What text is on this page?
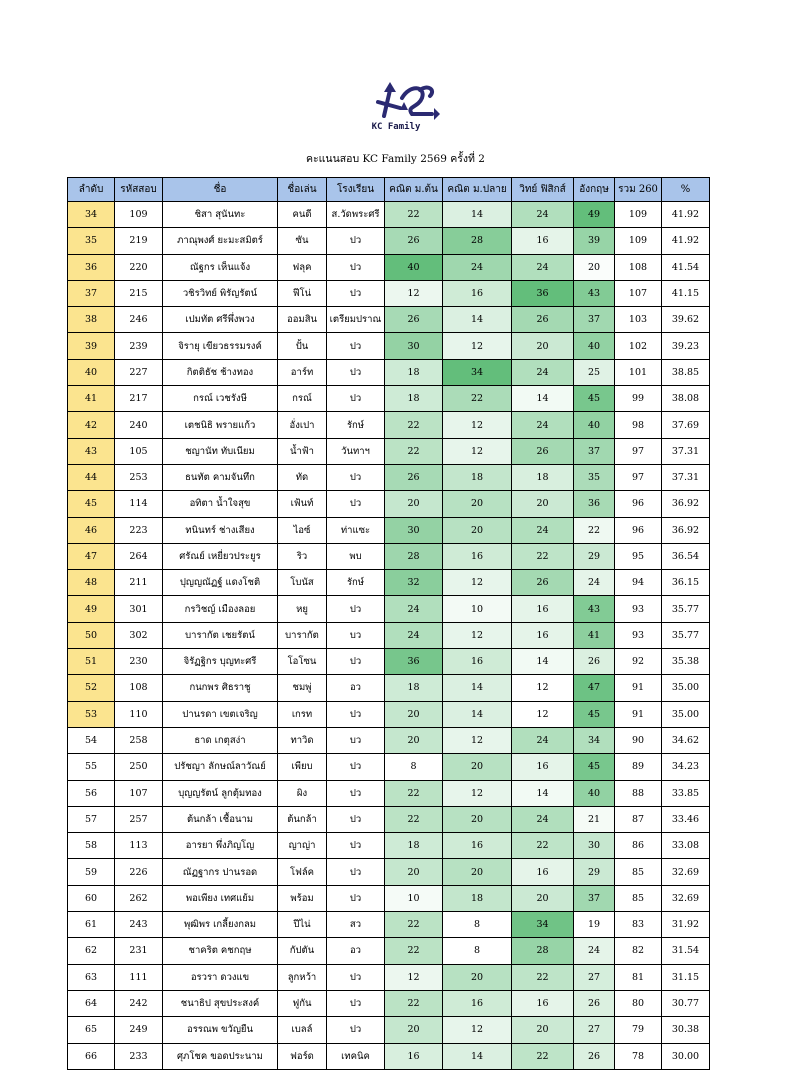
KC Family
คะแนนสอบ KC Family 2569 ครั้งที่ 2
ลำดับ	รหัสสอบ	ชื่อ	ชื่อเล่น	โรงเรียน	คณิต ม.ต้น	คณิต ม.ปลาย	วิทย์ ฟิสิกส์	อังกฤษ	รวม 260	%
34	109	ชิสา สุนันทะ	คนดี	ส.วัดพระศรี	22	14	24	49	109	41.92
35	219	ภาณุพงศ์ ยะมะสมิตร์	ซัน	ปว	26	28	16	39	109	41.92
36	220	ณัฐกร เห็นแจ้ง	ฟลุค	ปว	40	24	24	20	108	41.54
37	215	วชิรวิทย์ พิรัญรัตน์	ฟีโน่	ปว	12	16	36	43	107	41.15
38	246	เปมทัต ศรีพึ่งพวง	ออมสิน	เตรียมปราณ	26	14	26	37	103	39.62
39	239	จิรายุ เขียวธรรมรงค์	ปั้น	ปว	30	12	20	40	102	39.23
40	227	กิตติธัช ช้างทอง	อาร์ท	ปว	18	34	24	25	101	38.85
41	217	กรณ์ เวชรังษี	กรณ์	ปว	18	22	14	45	99	38.08
42	240	เตชนิธิ พรายแก้ว	อั่งเปา	รักษ์	22	12	24	40	98	37.69
43	105	ชญานัท ทับเนียม	น้ำฟ้า	วันทาฯ	22	12	26	37	97	37.31
44	253	ธนทัต คามจันทึก	ทัด	ปว	26	18	18	35	97	37.31
45	114	อทิตา น้ำใจสุข	เฟ้นท์	ปว	20	20	20	36	96	36.92
46	223	ทนินทร์ ช่างเสียง	ไอซ์	ท่าแซะ	30	20	24	22	96	36.92
47	264	ศรัณย์ เหยี่ยวประยูร	ริว	พบ	28	16	22	29	95	36.54
48	211	ปุญญณัฏฐ์ แดงโชติ	โบนัส	รักษ์	32	12	26	24	94	36.15
49	301	กรวิชญ์ เมืองลอย	หยู	ปว	24	10	16	43	93	35.77
50	302	บารากัต เชยรัตน์	บารากัต	บว	24	12	16	41	93	35.77
51	230	จิรัฏฐิกร บุญทะศรี	โอโซน	ปว	36	16	14	26	92	35.38
52	108	กนกพร ศิธราชู	ชมพู่	อว	18	14	12	47	91	35.00
53	110	ปานรดา เขตเจริญ	เกรท	ปว	20	14	12	45	91	35.00
54	258	ธาด เกตุสง่า	ทาวิด	บว	20	12	24	34	90	34.62
55	250	ปรัชญา ลักษณ์ลาวัณย์	เพียบ	ปว	8	20	16	45	89	34.23
56	107	บุญญรัตน์ ลูกตุ้มทอง	ผิง	ปว	22	12	14	40	88	33.85
57	257	ต้นกล้า เชื้อนาม	ต้นกล้า	ปว	22	20	24	21	87	33.46
58	113	อารยา พึ่งภิญโญ	ญาญ่า	ปว	18	16	22	30	86	33.08
59	226	ณัฏฐากร ปานรอด	โฟล์ค	ปว	20	20	16	29	85	32.69
60	262	พอเพียง เทศแย้ม	พร้อม	ปว	10	18	20	37	85	32.69
61	243	พุฒิพร เกลี้ยงกลม	ปีไน่	สว	22	8	34	19	83	31.92
62	231	ชาคริต คชกฤษ	กัปตัน	อว	22	8	28	24	82	31.54
63	111	อรวรา ดวงแข	ลูกหว้า	ปว	12	20	22	27	81	31.15
64	242	ชนาธิป สุขประสงค์	ฟูกัน	ปว	22	16	16	26	80	30.77
65	249	อรรณพ ขวัญยืน	เบลล์	ปว	20	12	20	27	79	30.38
66	233	ศุภโชค ขอดประนาม	ฟอร์ด	เทคนิค	16	14	22	26	78	30.00
